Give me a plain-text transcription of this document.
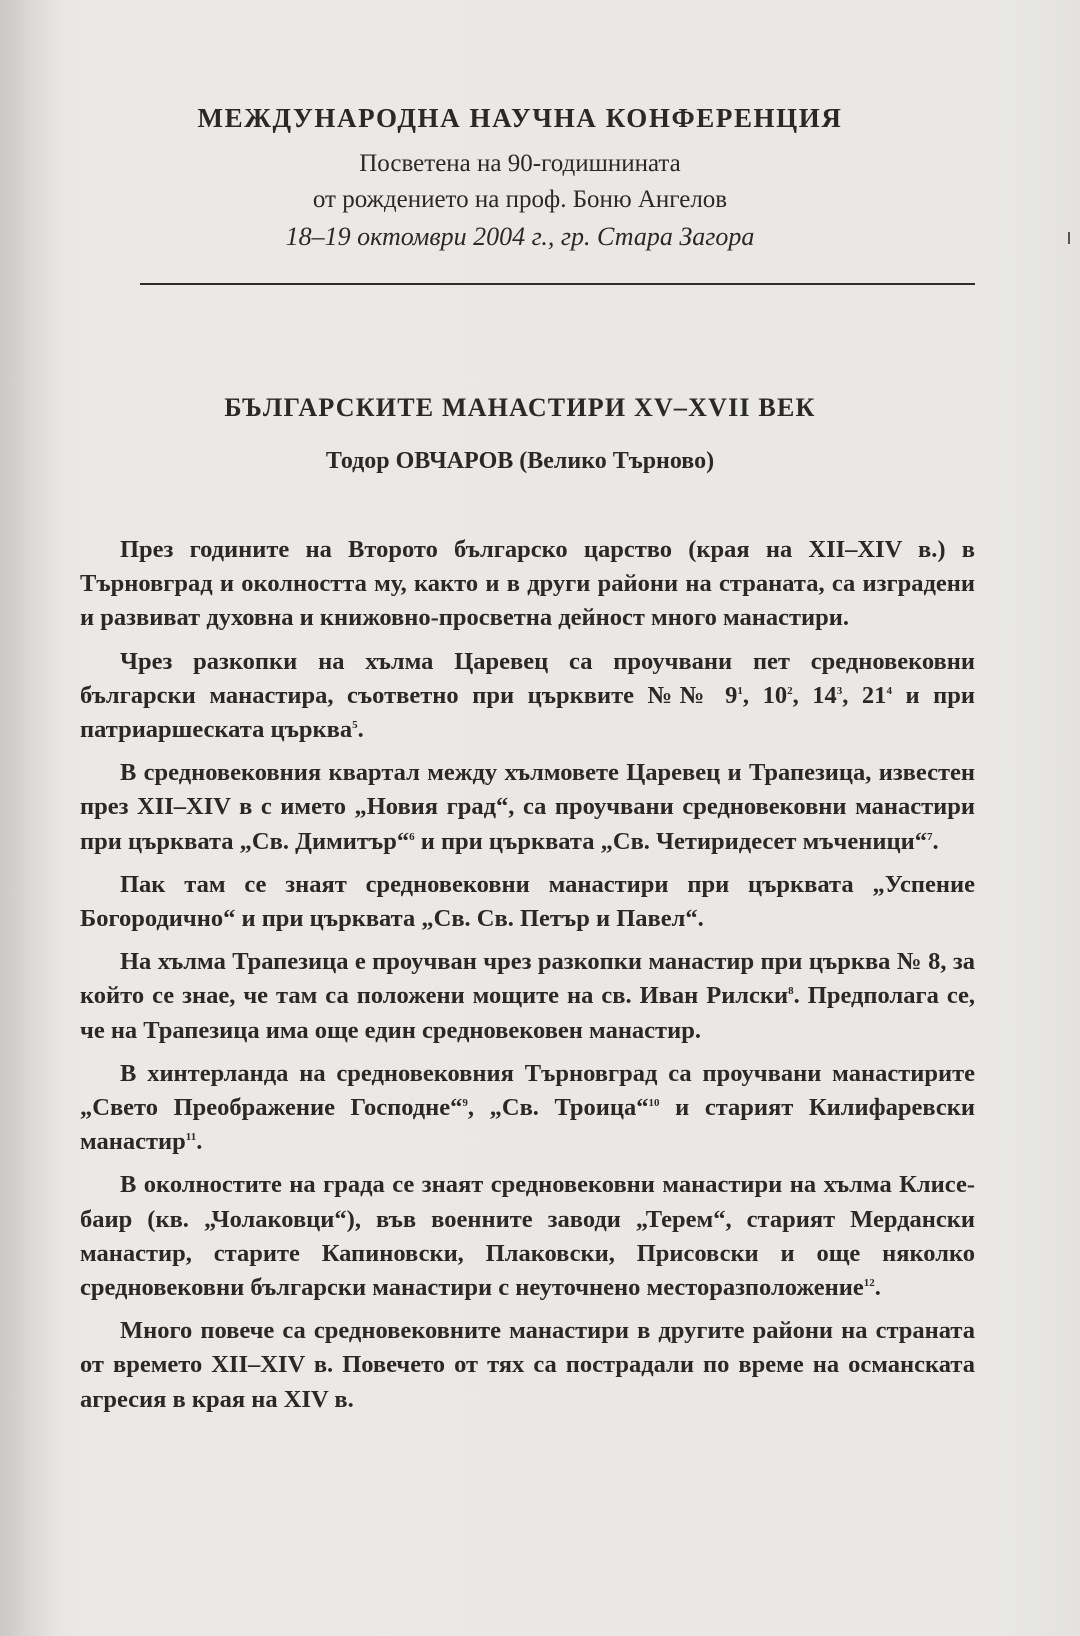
МЕЖДУНАРОДНА НАУЧНА КОНФЕРЕНЦИЯ
Посветена на 90-годишнината
от рождението на проф. Боню Ангелов
18–19 октомври 2004 г., гр. Стара Загора
БЪЛГАРСКИТЕ МАНАСТИРИ XV–XVII ВЕК
Тодор ОВЧАРОВ (Велико Търново)

През годините на Второто българско царство (края на XII–XIV в.) в Търновград и околността му, както и в други райони на страната, са изградени и развиват духовна и книжовно-просветна дейност много манастири.

Чрез разкопки на хълма Царевец са проучвани пет средновековни български манастира, съответно при църквите №№ $9^1$, $10^2$, $14^3$, $21^4$ и при патриаршеската църква$^5$.

В средновековния квартал между хълмовете Царевец и Трапезица, известен през XII–XIV в с името „Новия град“, са проучвани средновековни манастири при църквата „Св. Димитър“$^6$ и при църквата „Св. Четиридесет мъченици“$^7$.

Пак там се знаят средновековни манастири при църквата „Успение Богородично“ и при църквата „Св. Св. Петър и Павел“.

На хълма Трапезица е проучван чрез разкопки манастир при църква № 8, за който се знае, че там са положени мощите на св. Иван Рилски$^8$. Предполага се, че на Трапезица има още един средновековен манастир.

В хинтерланда на средновековния Търновград са проучвани манастирите „Свето Преображение Господне“$^9$, „Св. Троица“$^{10}$ и старият Килифаревски манастир$^{11}$.

В околностите на града се знаят средновековни манастири на хълма Клисе-баир (кв. „Чолаковци“), във военните заводи „Терем“, старият Мердански манастир, старите Капиновски, Плаковски, Присовски и още няколко средновековни български манастири с неуточнено месторазположение$^{12}$.

Много повече са средновековните манастири в другите райони на страната от времето XII–XIV в. Повечето от тях са пострадали по време на османската агресия в края на XIV в.
